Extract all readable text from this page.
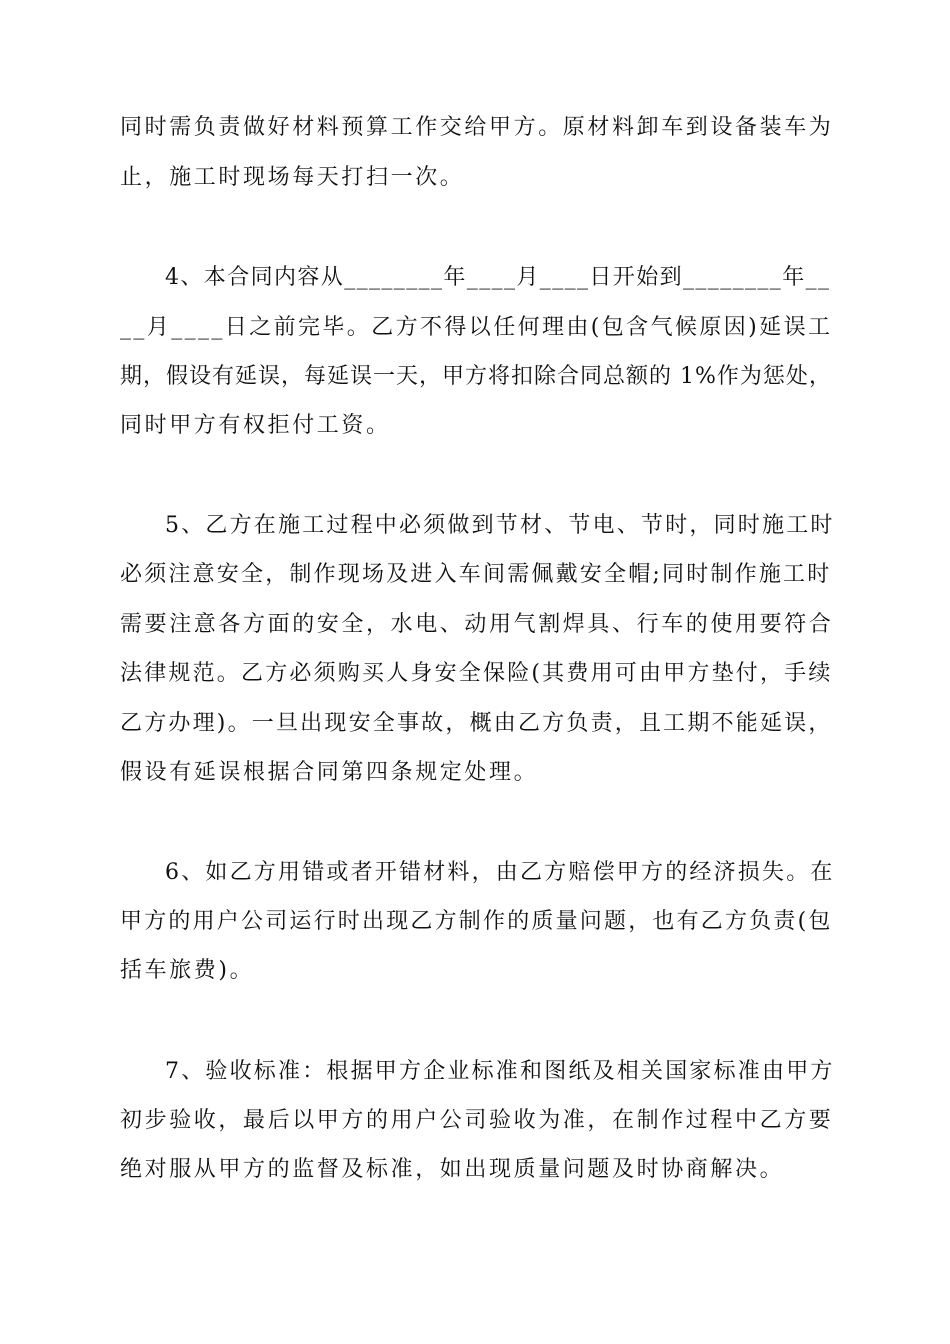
同时需负责做好材料预算工作交给甲方。原材料卸车到设备装车为
止，施工时现场每天打扫一次。
4、本合同内容从________年____月____日开始到________年__
__月____日之前完毕。乙方不得以任何理由(包含气候原因)延误工
期，假设有延误，每延误一天，甲方将扣除合同总额的 1%作为惩处，
同时甲方有权拒付工资。
5、乙方在施工过程中必须做到节材、节电、节时，同时施工时
必须注意安全，制作现场及进入车间需佩戴安全帽;同时制作施工时
需要注意各方面的安全，水电、动用气割焊具、行车的使用要符合
法律规范。乙方必须购买人身安全保险(其费用可由甲方垫付，手续
乙方办理)。一旦出现安全事故，概由乙方负责，且工期不能延误，
假设有延误根据合同第四条规定处理。
6、如乙方用错或者开错材料，由乙方赔偿甲方的经济损失。在
甲方的用户公司运行时出现乙方制作的质量问题，也有乙方负责(包
括车旅费)。
7、验收标准：根据甲方企业标准和图纸及相关国家标准由甲方
初步验收，最后以甲方的用户公司验收为准，在制作过程中乙方要
绝对服从甲方的监督及标准，如出现质量问题及时协商解决。
